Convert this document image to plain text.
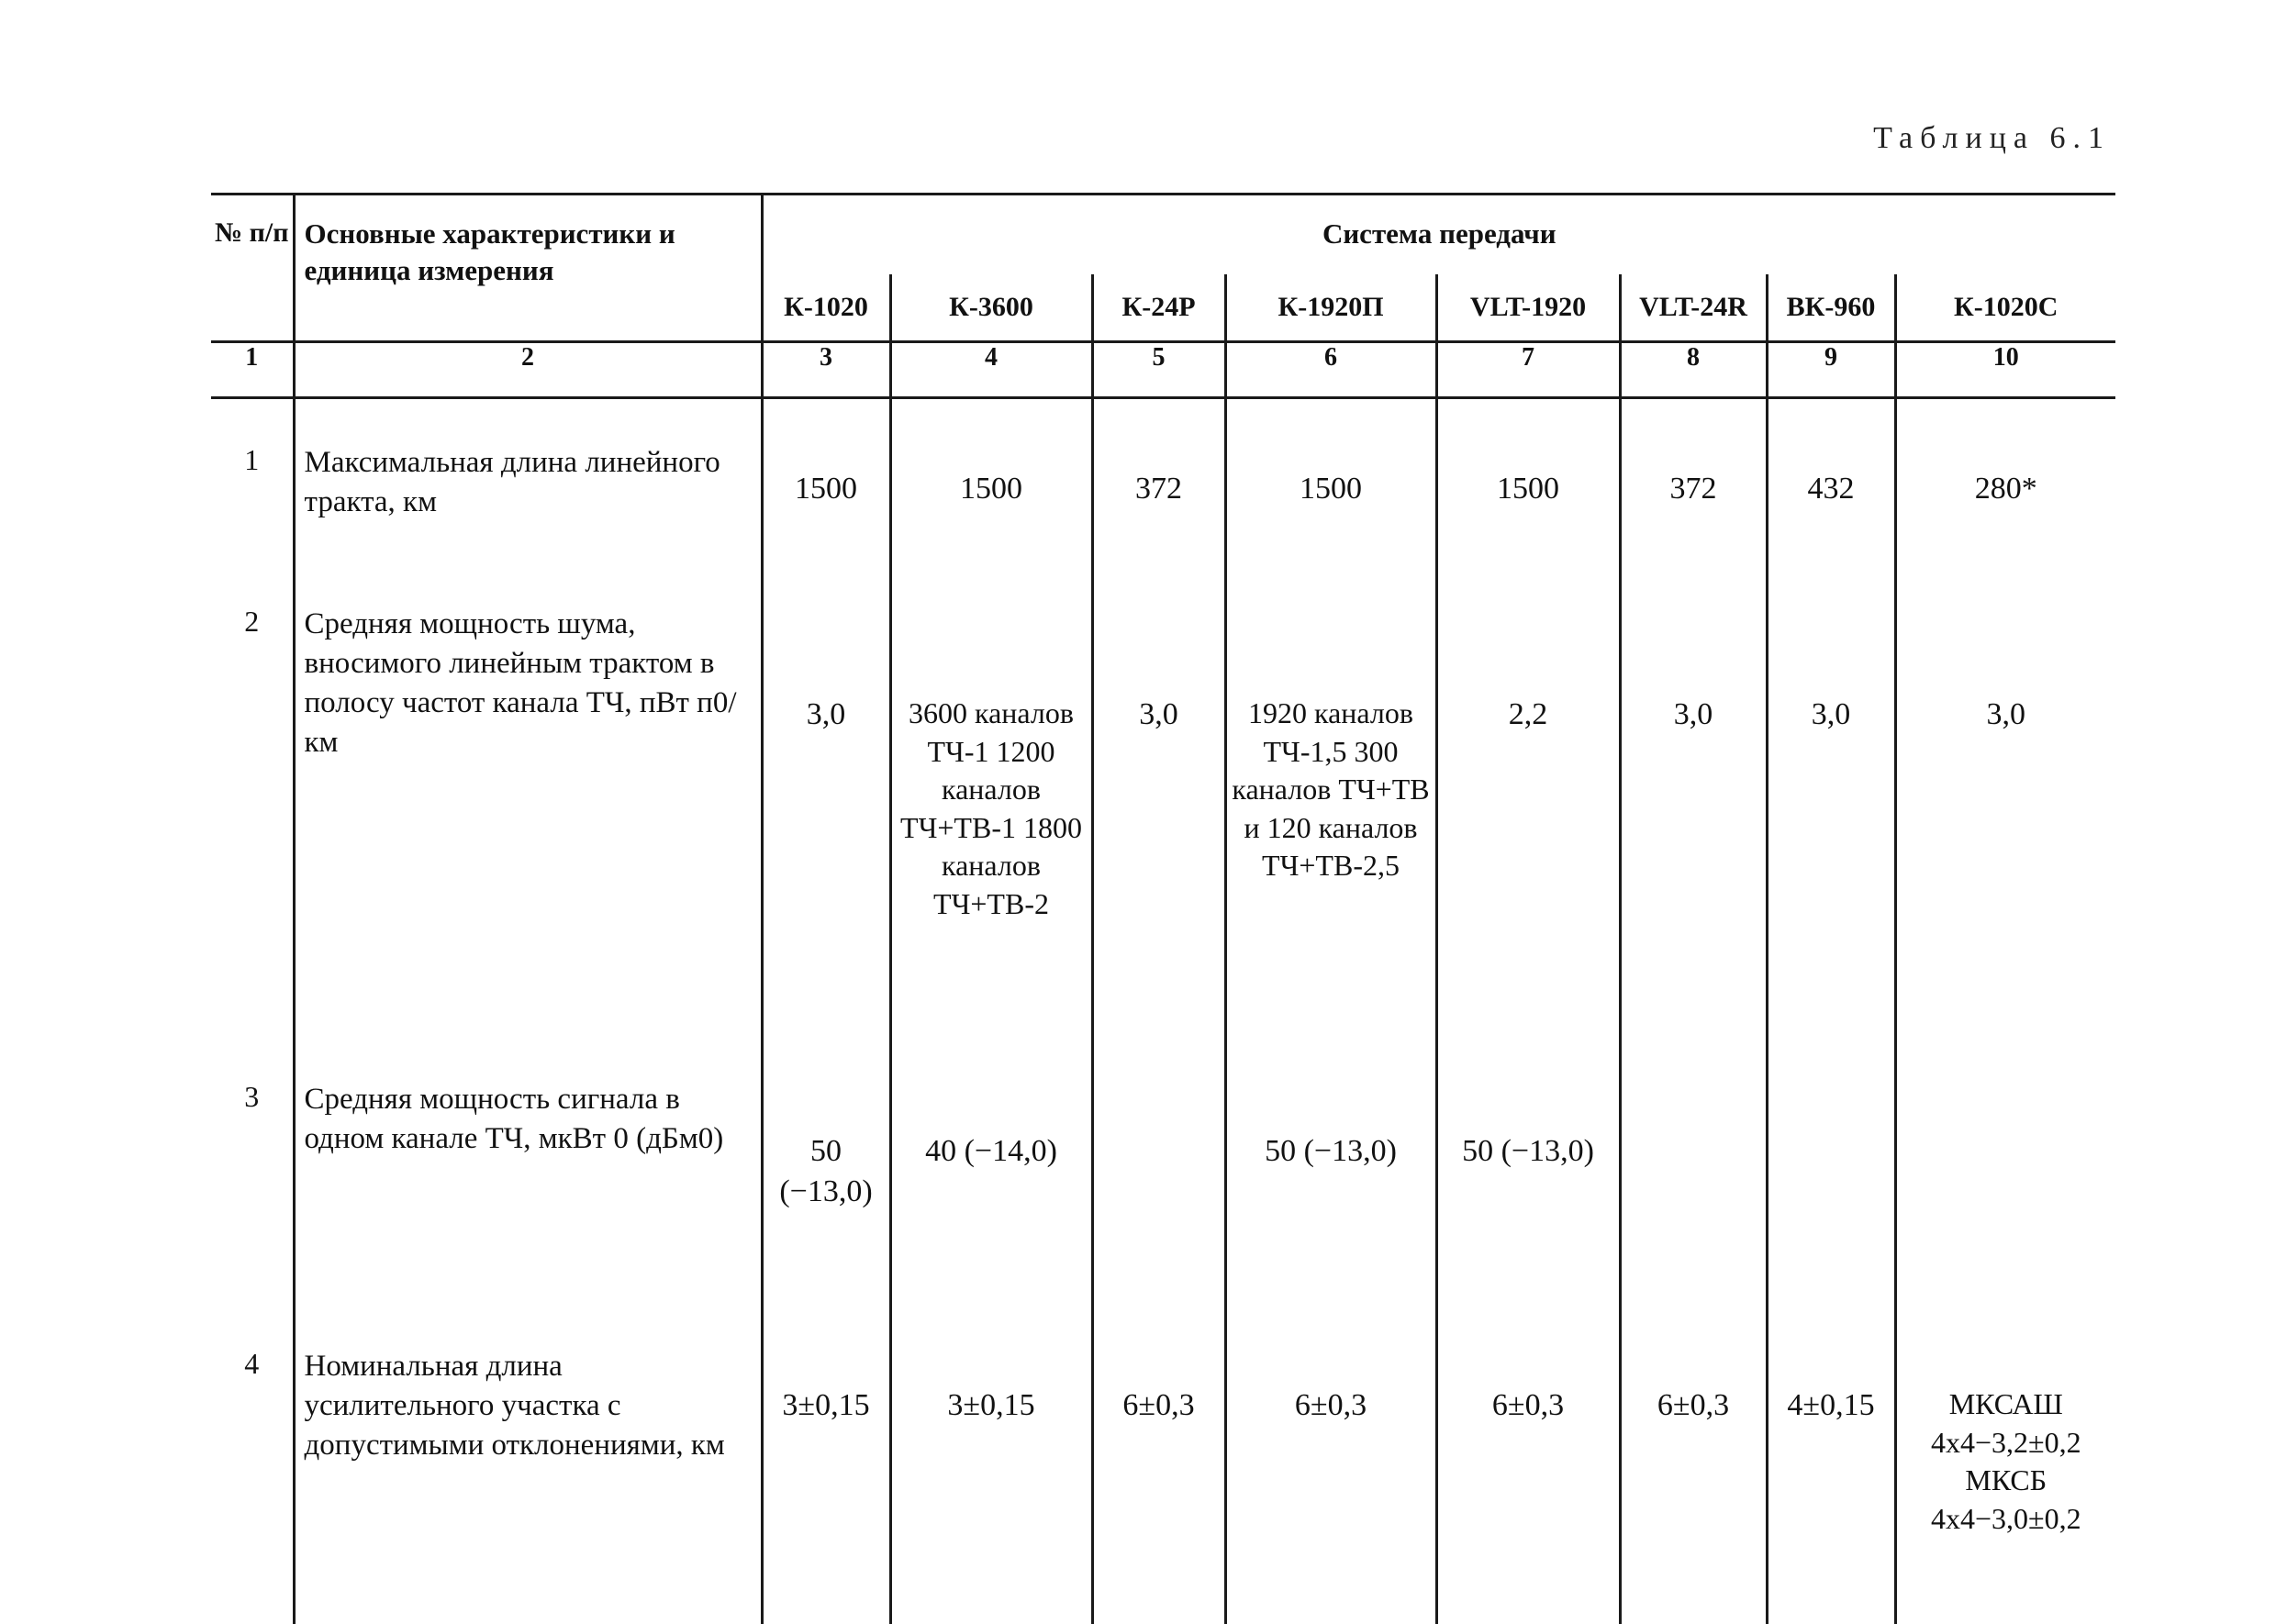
Таблица 6.1
№ п/п	Основные характеристики и единица измерения	Система передачи							
		К-1020	К-3600	К-24Р	К-1920П	VLT-1920	VLT-24R	ВК-960	К-1020С
1	2	3	4	5	6	7	8	9	10
1	Максимальная длина линейного тракта, км	1500	1500	372	1500	1500	372	432	280*
2	Средняя мощность шума, вносимого линейным трактом в полосу частот канала ТЧ, пВт п0/км	3,0	3600 каналов ТЧ-1 1200 каналов ТЧ+ТВ-1 1800 каналов ТЧ+ТВ-2	3,0	1920 каналов ТЧ-1,5 300 каналов ТЧ+ТВ и 120 каналов ТЧ+ТВ-2,5	2,2	3,0	3,0	3,0
3	Средняя мощность сигнала в одном канале ТЧ, мкВт 0 (дБм0)	50 (−13,0)	40 (−14,0)		50 (−13,0)	50 (−13,0)			
4	Номинальная длина усилительного участка с допустимыми отклонениями, км	3±0,15	3±0,15	6±0,3	6±0,3	6±0,3	6±0,3	4±0,15	МКСАШ 4х4−3,2±0,2 МКСБ 4х4−3,0±0,2
